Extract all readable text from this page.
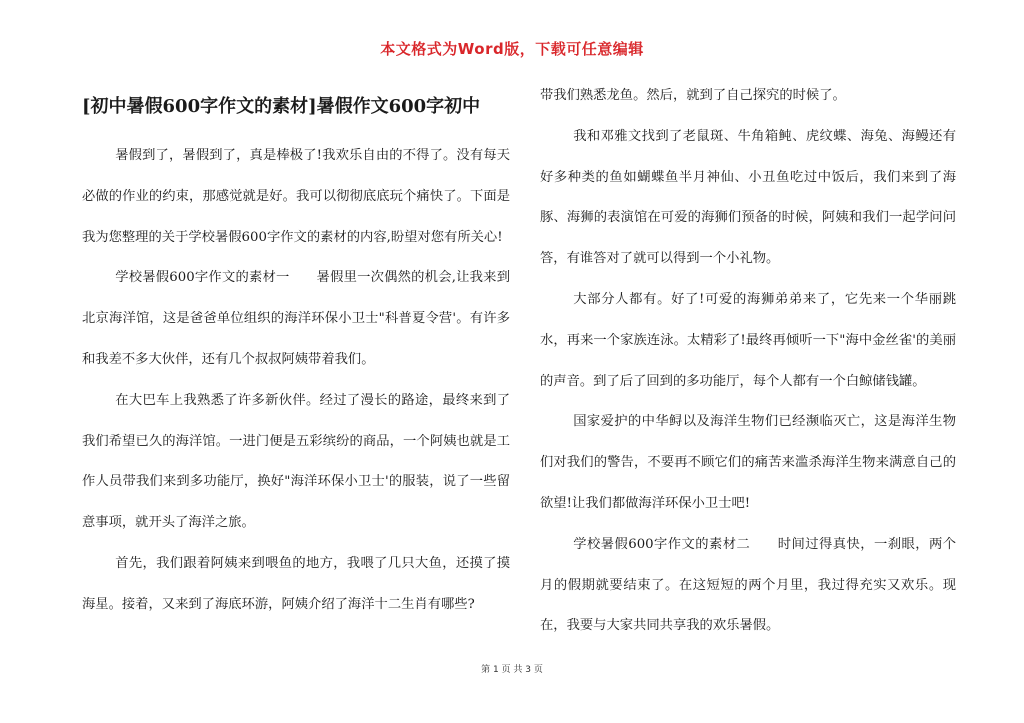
本文格式为Word版，下载可任意编辑
[初中暑假600字作文的素材]暑假作文600字初中

暑假到了，暑假到了，真是棒极了!我欢乐自由的不得了。没有每天必做的作业的约束，那感觉就是好。我可以彻彻底底玩个痛快了。下面是我为您整理的关于学校暑假600字作文的素材的内容,盼望对您有所关心!

学校暑假600字作文的素材一　　暑假里一次偶然的机会,让我来到北京海洋馆，这是爸爸单位组织的海洋环保小卫士"科普夏令营'。有许多和我差不多大伙伴，还有几个叔叔阿姨带着我们。

在大巴车上我熟悉了许多新伙伴。经过了漫长的路途，最终来到了我们希望已久的海洋馆。一进门便是五彩缤纷的商品，一个阿姨也就是工作人员带我们来到多功能厅，换好"海洋环保小卫士'的服装，说了一些留意事项，就开头了海洋之旅。

首先，我们跟着阿姨来到喂鱼的地方，我喂了几只大鱼，还摸了摸海星。接着，又来到了海底环游，阿姨介绍了海洋十二生肖有哪些?

带我们熟悉龙鱼。然后，就到了自己探究的时候了。

我和邓雅文找到了老鼠斑、牛角箱鲀、虎纹蝶、海兔、海鳗还有好多种类的鱼如蝴蝶鱼半月神仙、小丑鱼吃过中饭后，我们来到了海豚、海狮的表演馆在可爱的海狮们预备的时候，阿姨和我们一起学问问答，有谁答对了就可以得到一个小礼物。

大部分人都有。好了!可爱的海狮弟弟来了，它先来一个华丽跳水，再来一个家族连泳。太精彩了!最终再倾听一下"海中金丝雀'的美丽的声音。到了后了回到的多功能厅，每个人都有一个白鲸储钱罐。

国家爱护的中华鲟以及海洋生物们已经濒临灭亡，这是海洋生物们对我们的警告，不要再不顾它们的痛苦来滥杀海洋生物来满意自己的欲望!让我们都做海洋环保小卫士吧!

学校暑假600字作文的素材二　　时间过得真快，一刹眼，两个月的假期就要结束了。在这短短的两个月里，我过得充实又欢乐。现在，我要与大家共同共享我的欢乐暑假。

第 1 页 共 3 页
